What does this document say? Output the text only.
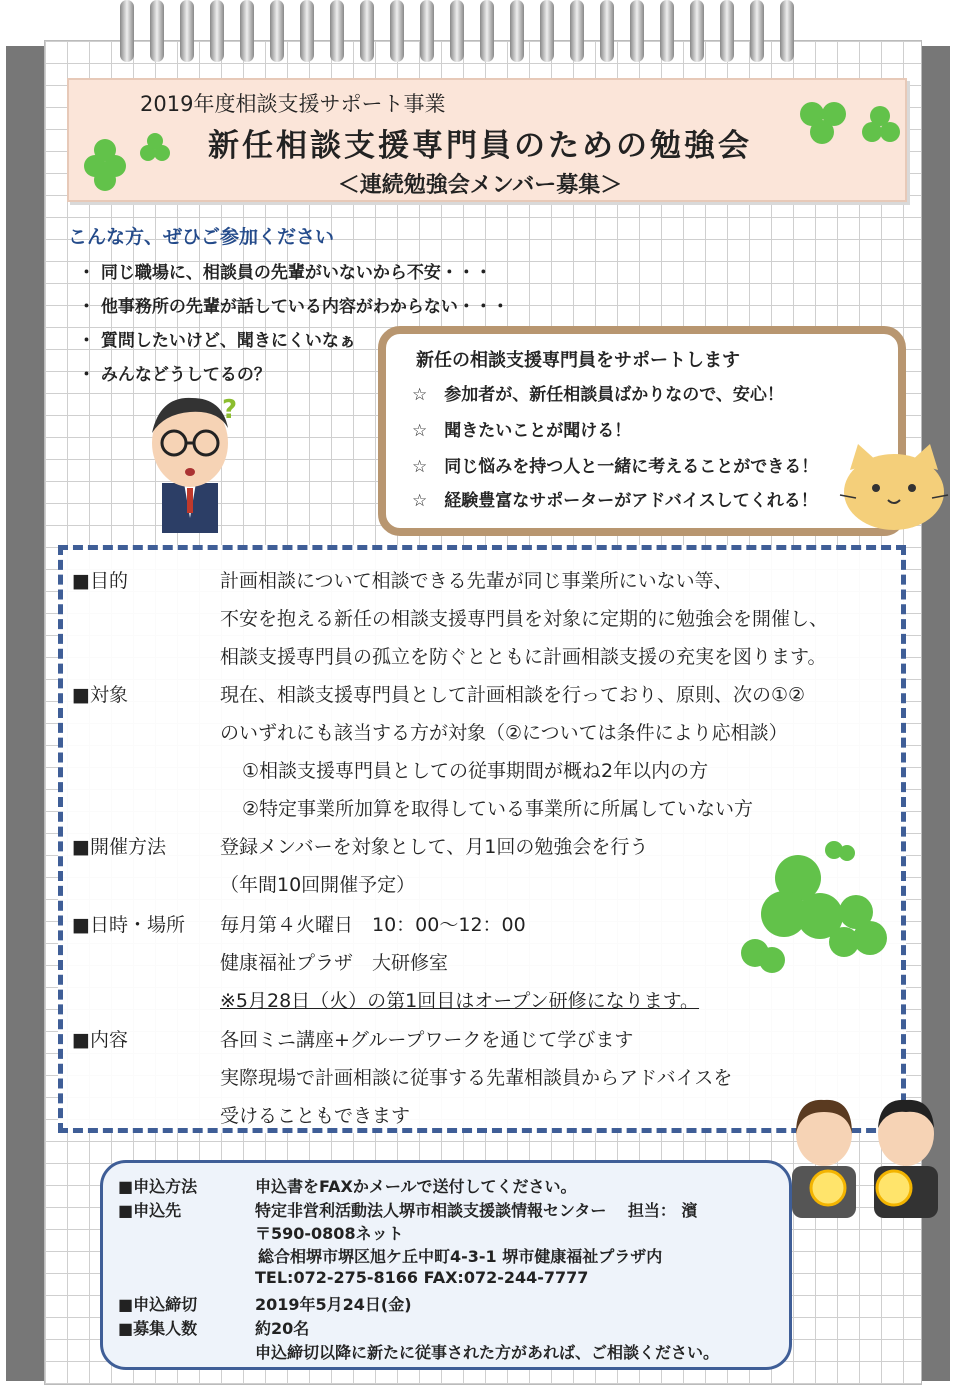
2019年度相談支援サポート事業
新任相談支援専門員のための勉強会
＜連続勉強会メンバー募集＞
こんな方、ぜひご参加ください
・ 同じ職場に、相談員の先輩がいないから不安・・・
・ 他事務所の先輩が話している内容がわからない・・・
・ 質問したいけど、聞きにくいなぁ
・ みんなどうしてるの？
?
新任の相談支援専門員をサポートします
☆　参加者が、新任相談員ばかりなので、安心！
☆　聞きたいことが聞ける！
☆　同じ悩みを持つ人と一緒に考えることができる！
☆　経験豊富なサポーターがアドバイスしてくれる！
■目的	計画相談について相談できる先輩が同じ事業所にいない等、
不安を抱える新任の相談支援専門員を対象に定期的に勉強会を開催し、
相談支援専門員の孤立を防ぐとともに計画相談支援の充実を図ります。
■対象	現在、相談支援専門員として計画相談を行っており、原則、次の①②
のいずれにも該当する方が対象（②については条件により応相談）
①相談支援専門員としての従事期間が概ね2年以内の方
②特定事業所加算を取得している事業所に所属していない方
■開催方法	登録メンバーを対象として、月1回の勉強会を行う
（年間10回開催予定）
■日時・場所 毎月第４火曜日　10：00～12：00
健康福祉プラザ　大研修室
※5月28日（火）の第1回目はオープン研修になります。
■内容	各回ミニ講座+グループワークを通じて学びます
実際現場で計画相談に従事する先輩相談員からアドバイスを
受けることもできます
■申込方法	申込書をFAXかメールで送付してください。
■申込先	特定非営利活動法人堺市相談支援談情報センター　 担当： 濱
〒590-0808ネット
総合相堺市堺区旭ケ丘中町4-3-1 堺市健康福祉プラザ内
TEL:072-275-8166 FAX:072-244-7777
■申込締切	2019年5月24日(金)
■募集人数	約20名
申込締切以降に新たに従事された方があれば、ご相談ください。
